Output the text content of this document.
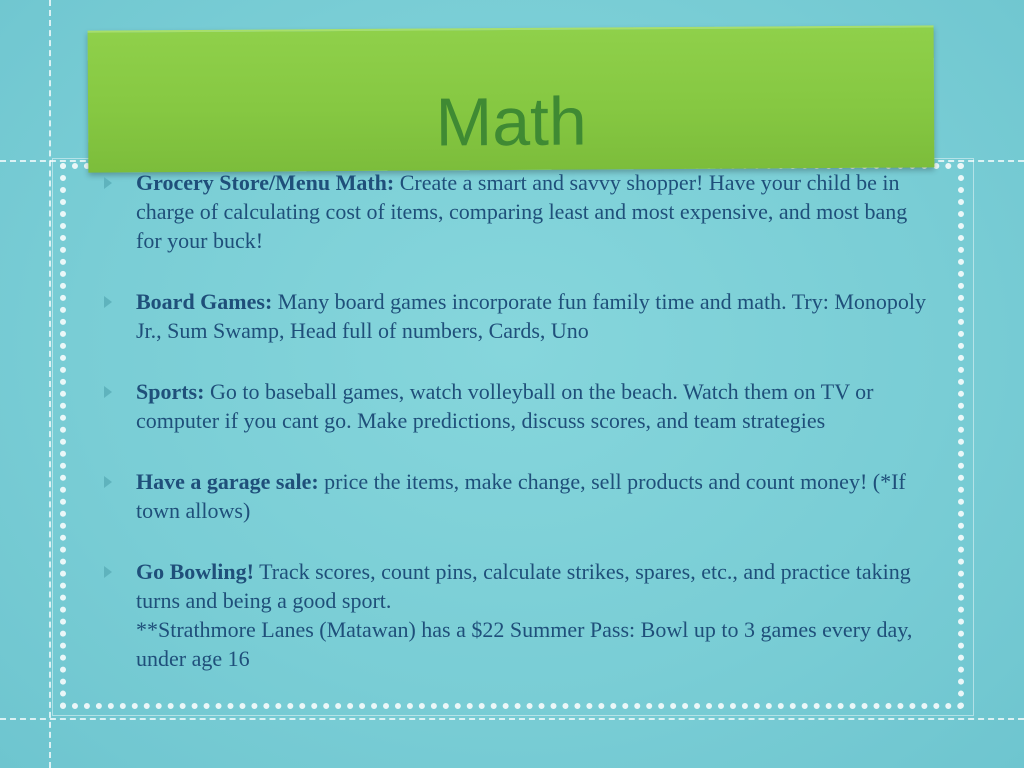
Math
Grocery Store/Menu Math: Create a smart and savvy shopper! Have your child be in charge of calculating cost of items, comparing least and most expensive, and most bang for your buck!
Board Games: Many board games incorporate fun family time and math. Try: Monopoly Jr., Sum Swamp, Head full of numbers, Cards, Uno
Sports: Go to baseball games, watch volleyball on the beach. Watch them on TV or computer if you cant go. Make predictions, discuss scores, and team strategies
Have a garage sale: price the items, make change, sell products and count money! (*If town allows)
Go Bowling! Track scores, count pins, calculate strikes, spares, etc., and practice taking turns and being a good sport.
**Strathmore Lanes (Matawan) has a $22 Summer Pass: Bowl up to 3 games every day, under age 16
